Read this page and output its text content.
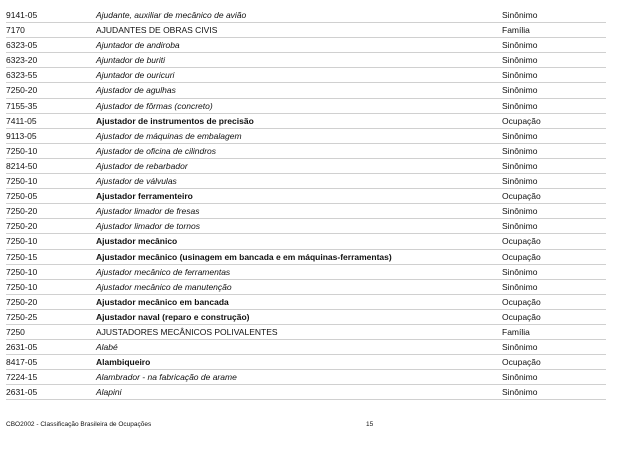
9141-05	Ajudante, auxiliar de mecânico de avião	Sinônimo
7170	AJUDANTES DE OBRAS CIVIS	Família
6323-05	Ajuntador de andiroba	Sinônimo
6323-20	Ajuntador de buriti	Sinônimo
6323-55	Ajuntador de ouricuri	Sinônimo
7250-20	Ajustador de agulhas	Sinônimo
7155-35	Ajustador de fôrmas (concreto)	Sinônimo
7411-05	Ajustador de instrumentos de precisão	Ocupação
9113-05	Ajustador de máquinas de embalagem	Sinônimo
7250-10	Ajustador de oficina de cilindros	Sinônimo
8214-50	Ajustador de rebarbador	Sinônimo
7250-10	Ajustador de válvulas	Sinônimo
7250-05	Ajustador ferramenteiro	Ocupação
7250-20	Ajustador limador de fresas	Sinônimo
7250-20	Ajustador limador de tornos	Sinônimo
7250-10	Ajustador mecânico	Ocupação
7250-15	Ajustador mecânico (usinagem em bancada e em máquinas-ferramentas)	Ocupação
7250-10	Ajustador mecânico de ferramentas	Sinônimo
7250-10	Ajustador mecânico de manutenção	Sinônimo
7250-20	Ajustador mecânico em bancada	Ocupação
7250-25	Ajustador naval (reparo e construção)	Ocupação
7250	AJUSTADORES MECÂNICOS POLIVALENTES	Família
2631-05	Alabé	Sinônimo
8417-05	Alambiqueiro	Ocupação
7224-15	Alambrador - na fabricação de arame	Sinônimo
2631-05	Alapini	Sinônimo
CBO2002 - Classificação Brasileira de Ocupações	15
